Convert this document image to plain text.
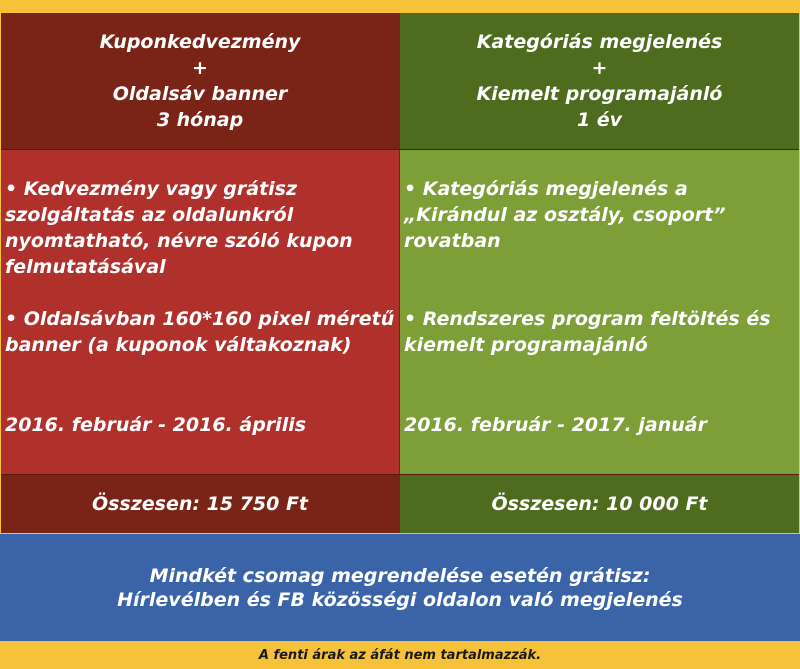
Kuponkedvezmény
+
Oldalsáv banner
3 hónap
Kategóriás megjelenés
+
Kiemelt programajánló
1 év

• Kedvezmény vagy grátisz

szolgáltatás az oldalunkról

nyomtatható, névre szóló kupon

felmutatásával

• Oldalsávban 160*160 pixel méretű

banner (a kuponok váltakoznak)

2016. február - 2016. április

• Kategóriás megjelenés a

„Kirándul az osztály, csoport”

rovatban

• Rendszeres program feltöltés és

kiemelt programajánló

2016. február - 2017. január

Összesen: 15 750 Ft	Összesen: 10 000 Ft
Mindkét csomag megrendelése esetén grátisz:
Hírlevélben és FB közösségi oldalon való megjelenés
A fenti árak az áfát nem tartalmazzák.
